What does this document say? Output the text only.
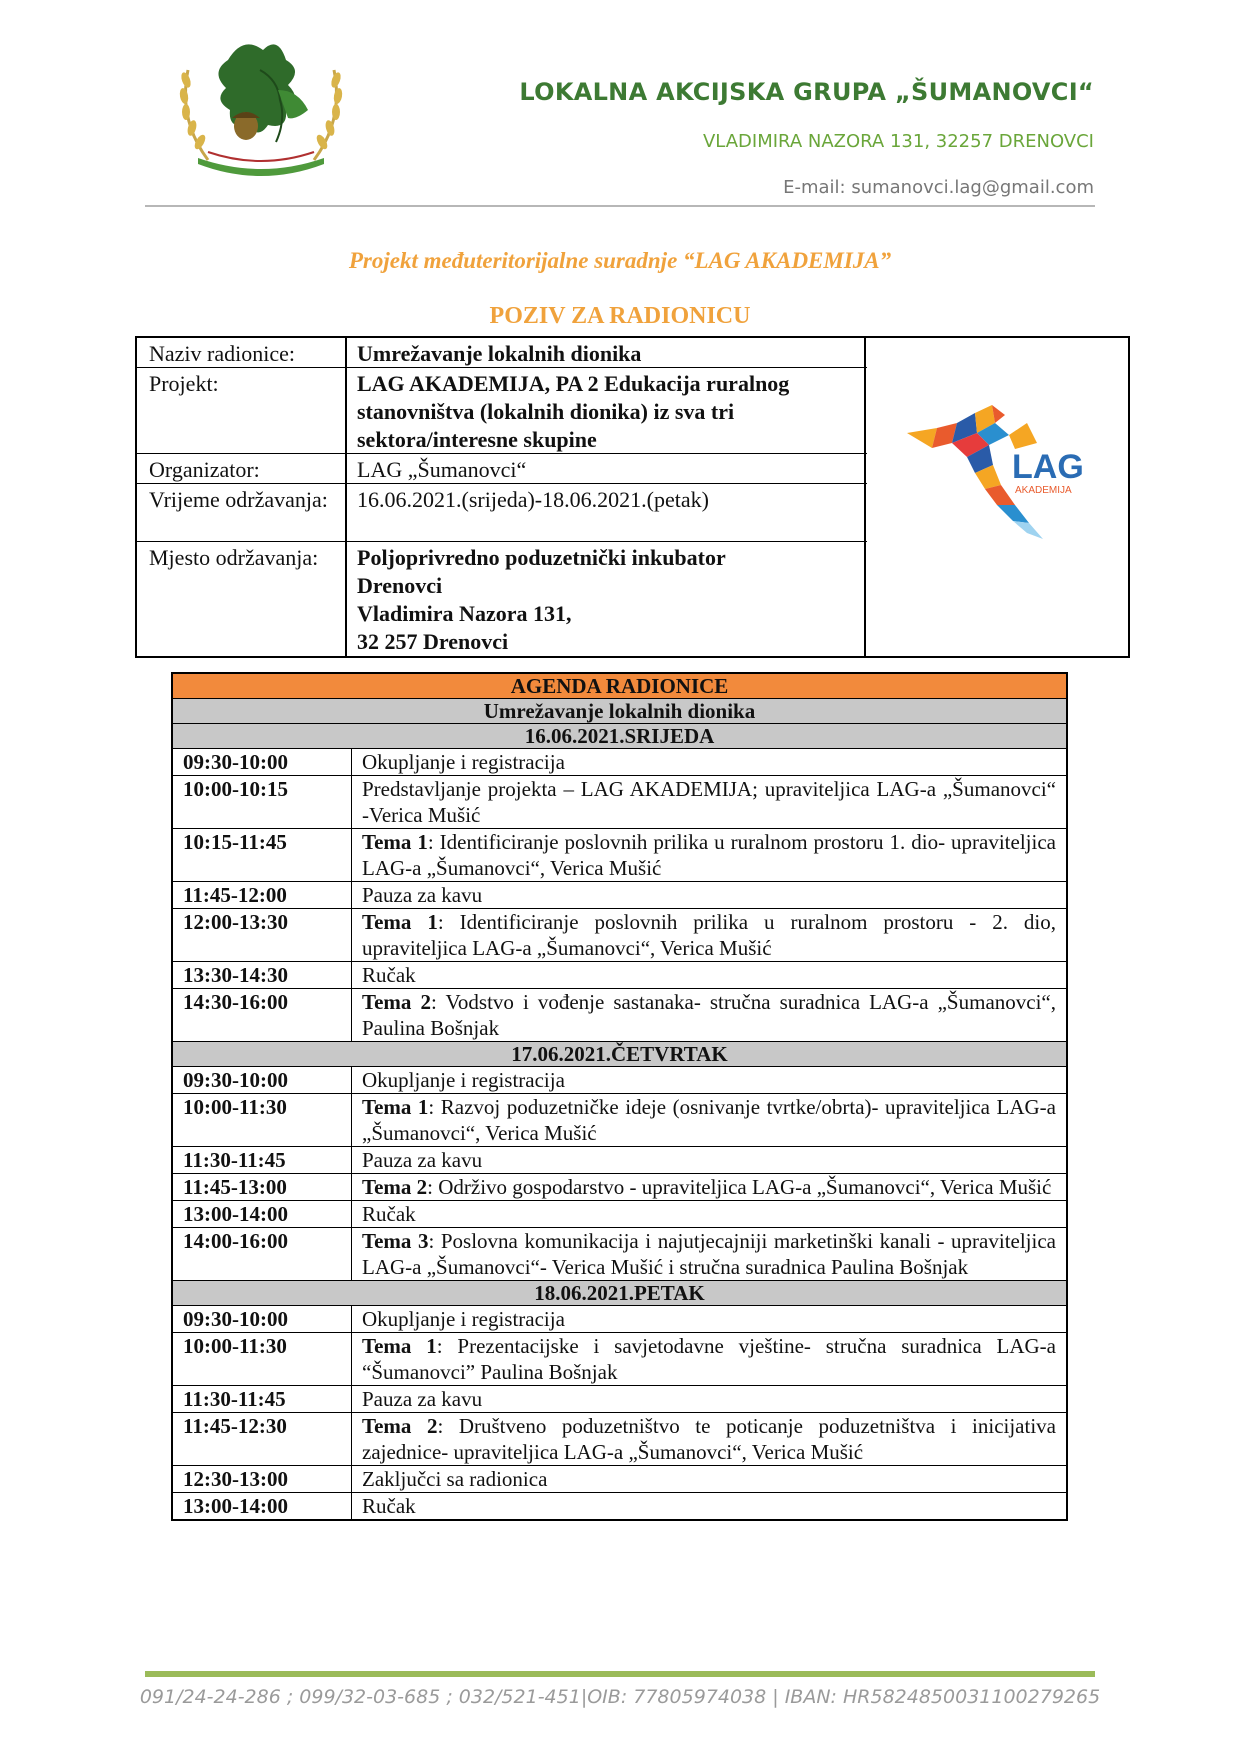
LOKALNA AKCIJSKA GRUPA „ŠUMANOVCI“
VLADIMIRA NAZORA 131, 32257 DRENOVCI
E-mail: sumanovci.lag@gmail.com
Projekt međuteritorijalne suradnje “LAG AKADEMIJA”
POZIV ZA RADIONICU
Naziv radionice:	Umrežavanje lokalnih dionika
Projekt:	LAG AKADEMIJA, PA 2 Edukacija ruralnog stanovništva (lokalnih dionika) iz sva tri sektora/interesne skupine
Organizator:	LAG „Šumanovci“
Vrijeme održavanja:	16.06.2021.(srijeda)-18.06.2021.(petak)
Mjesto održavanja:	Poljoprivredno poduzetnički inkubator
Drenovci
Vladimira Nazora 131,
32 257 Drenovci
LAG
AKADEMIJA
AGENDA RADIONICE
Umrežavanje lokalnih dionika
16.06.2021.SRIJEDA
09:30-10:00	Okupljanje i registracija
10:00-10:15	Predstavljanje projekta – LAG AKADEMIJA; upraviteljica LAG-a „Šumanovci“ -Verica Mušić
10:15-11:45	Tema 1: Identificiranje poslovnih prilika u ruralnom prostoru 1. dio- upraviteljica LAG-a „Šumanovci“, Verica Mušić
11:45-12:00	Pauza za kavu
12:00-13:30	Tema 1: Identificiranje poslovnih prilika u ruralnom prostoru - 2. dio, upraviteljica LAG-a „Šumanovci“, Verica Mušić
13:30-14:30	Ručak
14:30-16:00	Tema 2: Vodstvo i vođenje sastanaka- stručna suradnica LAG-a „Šumanovci“, Paulina Bošnjak
17.06.2021.ČETVRTAK
09:30-10:00	Okupljanje i registracija
10:00-11:30	Tema 1: Razvoj poduzetničke ideje (osnivanje tvrtke/obrta)- upraviteljica LAG-a „Šumanovci“, Verica Mušić
11:30-11:45	Pauza za kavu
11:45-13:00	Tema 2: Održivo gospodarstvo - upraviteljica LAG-a „Šumanovci“, Verica Mušić
13:00-14:00	Ručak
14:00-16:00	Tema 3: Poslovna komunikacija i najutjecajniji marketinški kanali - upraviteljica LAG-a „Šumanovci“- Verica Mušić i stručna suradnica Paulina Bošnjak
18.06.2021.PETAK
09:30-10:00	Okupljanje i registracija
10:00-11:30	Tema 1: Prezentacijske i savjetodavne vještine- stručna suradnica LAG-a “Šumanovci” Paulina Bošnjak
11:30-11:45	Pauza za kavu
11:45-12:30	Tema 2: Društveno poduzetništvo te poticanje poduzetništva i inicijativa zajednice- upraviteljica LAG-a „Šumanovci“, Verica Mušić
12:30-13:00	Zaključci sa radionica
13:00-14:00	Ručak
091/24-24-286 ; 099/32-03-685 ; 032/521-451|OIB: 77805974038 | IBAN: HR5824850031100279265
